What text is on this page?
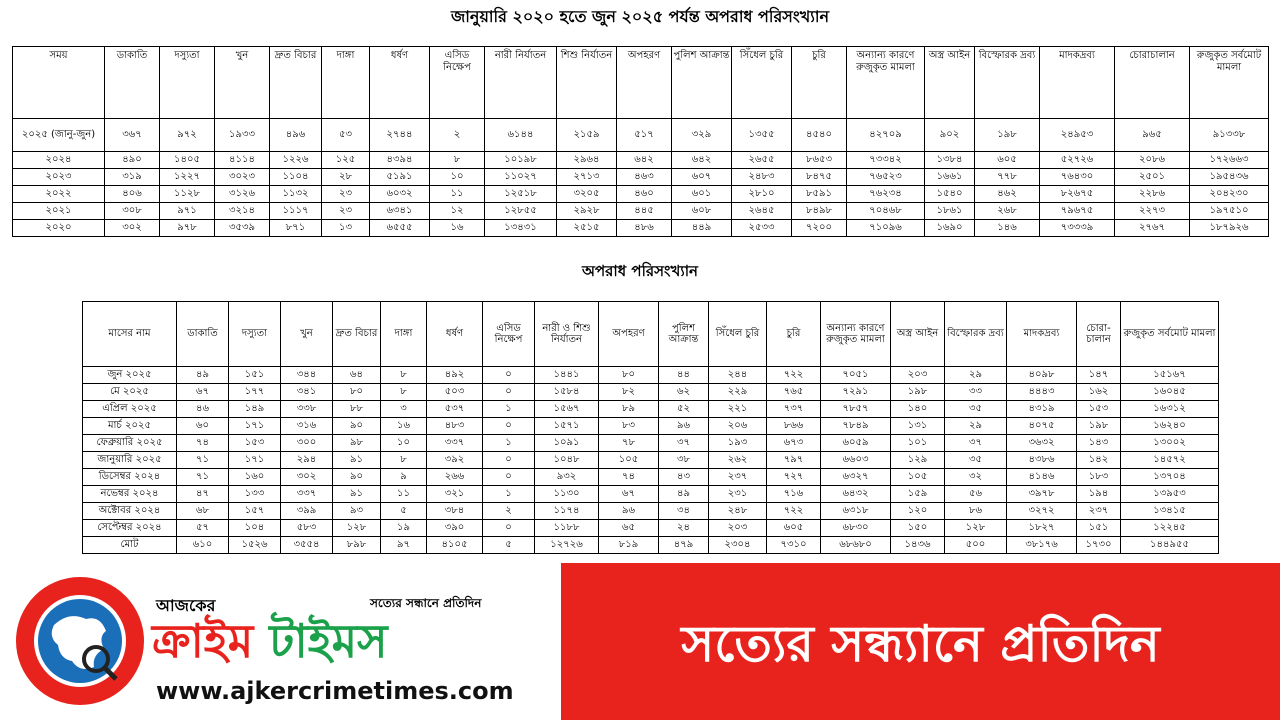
জানুয়ারি ২০২০ হতে জুন ২০২৫ পর্যন্ত অপরাধ পরিসংখ্যান
সময়	ডাকাতি	দস্যুতা	খুন	দ্রুত বিচার	দাঙ্গা	ধর্ষণ	এসিড নিক্ষেপ	নারী নির্যাতন	শিশু নির্যাতন	অপহরণ	পুলিশ আক্রান্ত	সিঁধেল চুরি	চুরি	অন্যান্য কারণে রুজুকৃত মামলা	অস্ত্র আইন	বিস্ফোরক দ্রব্য	মাদকদ্রব্য	চোরাচালান	রুজুকৃত সর্বমোট মামলা
২০২৫ (জানু-জুন)	৩৬৭	৯৭২	১৯৩৩	৪৯৬	৫৩	২৭৪৪	২	৬১৪৪	২১৫৯	৫১৭	৩২৯	১৩৫৫	৪৫৪০	৪২৭০৯	৯০২	১৯৮	২৪৯৫৩	৯৬৫	৯১৩৩৮
২০২৪	৪৯০	১৪০৫	৪১১৪	১২২৬	১২৫	৪৩৯৪	৮	১০১৯৮	২৯৬৪	৬৪২	৬৪২	২৬৫৫	৮৬৫৩	৭৩৩৪২	১৩৮৪	৬০৫	৫২৭২৬	২০৮৬	১৭২৬৬৩
২০২৩	৩১৯	১২২৭	৩০২৩	১১০৪	২৮	৫১৯১	১০	১১০২৭	২৭১৩	৪৬৩	৬০৭	২৪৮৩	৮৪৭৫	৭৬৫২৩	১৬৬১	৭৭৮	৭৬৪৩০	২৫০১	১৯৫৪৩৬
২০২২	৪০৬	১১২৮	৩১২৬	১১৩২	২৩	৬০৩২	১১	১২৫১৮	৩২০৫	৪৬০	৬০১	২৮১০	৮৫৯১	৭৬২৩৪	১৫৪০	৪৬২	৮২৬৭৫	২২৮৬	২০৪২৩০
২০২১	৩০৮	৯৭১	৩২১৪	১১১৭	২৩	৬৩৪১	১২	১২৮৫৫	২৯২৮	৪৪৫	৬০৮	২৬৪৫	৮৪৯৮	৭০৪৬৮	১৮৬১	২৬৮	৭৯৬৭৫	২২৭৩	১৯৭৫১০
২০২০	৩০২	৯৭৮	৩৫৩৯	৮৭১	১৩	৬৫৫৫	১৬	১৩৪৩১	২৫১৫	৪৮৬	৪৪৯	২৫৩৩	৭২০০	৭১০৯৬	১৬৯০	১৪৬	৭৩৩৩৯	২৭৬৭	১৮৭৯২৬
অপরাধ পরিসংখ্যান
মাসের নাম	ডাকাতি	দস্যুতা	খুন	দ্রুত বিচার	দাঙ্গা	ধর্ষণ	এসিড নিক্ষেপ	নারী ও শিশু নির্যাতন	অপহরণ	পুলিশ আক্রান্ত	সিঁধেল চুরি	চুরি	অন্যান্য কারণে রুজুকৃত মামলা	অস্ত্র আইন	বিস্ফোরক দ্রব্য	মাদকদ্রব্য	চোরা-চালান	রুজুকৃত সর্বমোট মামলা
জুন ২০২৫	৪৯	১৫১	৩৪৪	৬৪	৮	৪৯২	০	১৪৪১	৮০	৪৪	২৪৪	৭২২	৭০৫১	২০৩	২৯	৪০৯৮	১৪৭	১৫১৬৭
মে ২০২৫	৬৭	১৭৭	৩৪১	৮০	৮	৫০৩	০	১৫৮৪	৮২	৬২	২২৯	৭৬৫	৭২৯১	১৯৮	৩৩	৪৪৪৩	১৬২	১৬০৪৫
এপ্রিল ২০২৫	৪৬	১৪৯	৩৩৮	৮৮	৩	৫৩৭	১	১৫৬৭	৮৯	৫২	২২১	৭৩৭	৭৮৫৭	১৪০	৩৫	৪৩১৯	১৫৩	১৬৩১২
মার্চ ২০২৫	৬০	১৭১	৩১৬	৯০	১৬	৪৮৩	০	১৫৭১	৮৩	৯৬	২০৬	৮৬৬	৭৮৪৯	১৩১	২৯	৪০৭৫	১৯৮	১৬২৪০
ফেব্রুয়ারি ২০২৫	৭৪	১৫৩	৩০০	৯৮	১০	৩৩৭	১	১০৯১	৭৮	৩৭	১৯৩	৬৭৩	৬০৫৯	১০১	৩৭	৩৬৩২	১৪৩	১৩০০২
জানুয়ারি ২০২৫	৭১	১৭১	২৯৪	৯১	৮	৩৯২	০	১০৪৮	১০৫	৩৮	২৬২	৭৯৭	৬৬০৩	১২৯	৩৫	৪৩৮৬	১৪২	১৪৫৭২
ডিসেম্বর ২০২৪	৭১	১৬০	৩০২	৯০	৯	২৬৬	০	৯৩২	৭৪	৪৩	২৩৭	৭২৭	৬৩২৭	১০৫	৩২	৪১৪৬	১৮৩	১৩৭০৪
নভেম্বর ২০২৪	৪৭	১৩৩	৩৩৭	৯১	১১	৩২১	১	১১৩০	৬৭	৪৯	২৩১	৭১৬	৬৪৩২	১৫৯	৫৬	৩৯৭৮	১৯৪	১৩৯৫৩
অক্টোবর ২০২৪	৬৮	১৫৭	৩৯৯	৯৩	৫	৩৮৪	২	১১৭৪	৯৬	৩৪	২৪৮	৭২২	৬৩১৮	১২০	৮৬	৩২৭২	২৩৭	১৩৪১৫
সেপ্টেম্বর ২০২৪	৫৭	১০৪	৫৮৩	১২৮	১৯	৩৯০	০	১১৮৮	৬৫	২৪	২০৩	৬০৫	৬৮৩০	১৫০	১২৮	১৮২৭	১৫১	১২২৪৫
মোট	৬১০	১৫২৬	৩৫৫৪	৮৯৮	৯৭	৪১০৫	৫	১২৭২৬	৮১৯	৪৭৯	২৩০৪	৭৩১০	৬৮৬৮০	১৪৩৬	৫০০	৩৮১৭৬	১৭৩০	১৪৪৯৫৫
আজকের	সত্যের সন্ধানে প্রতিদিন
ক্রাইম টাইমস
www.ajkercrimetimes.com
সত্যের সন্ধ্যানে প্রতিদিন
